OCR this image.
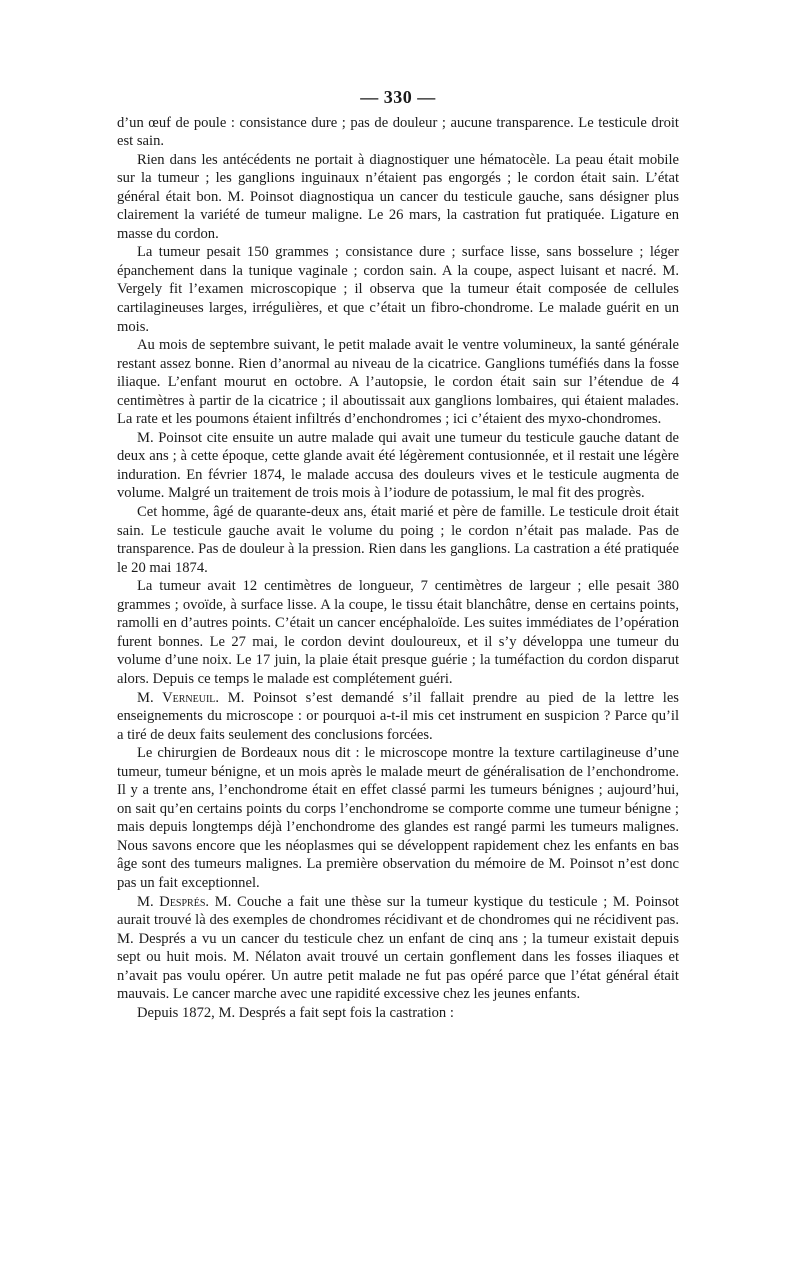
— 330 —

d’un œuf de poule : consistance dure ; pas de douleur ; aucune transparence. Le testicule droit est sain.

Rien dans les antécédents ne portait à diagnostiquer une hématocèle. La peau était mobile sur la tumeur ; les ganglions inguinaux n’étaient pas engorgés ; le cordon était sain. L’état général était bon. M. Poinsot diagnostiqua un cancer du testicule gauche, sans désigner plus clairement la variété de tumeur maligne. Le 26 mars, la castration fut pratiquée. Ligature en masse du cordon.

La tumeur pesait 150 grammes ; consistance dure ; surface lisse, sans bosselure ; léger épanchement dans la tunique vaginale ; cordon sain. A la coupe, aspect luisant et nacré. M. Vergely fit l’examen microscopique ; il observa que la tumeur était composée de cellules cartilagineuses larges, irrégulières, et que c’était un fibro-chondrome. Le malade guérit en un mois.

Au mois de septembre suivant, le petit malade avait le ventre volumineux, la santé générale restant assez bonne. Rien d’anormal au niveau de la cicatrice. Ganglions tuméfiés dans la fosse iliaque. L’enfant mourut en octobre. A l’autopsie, le cordon était sain sur l’étendue de 4 centimètres à partir de la cicatrice ; il aboutissait aux ganglions lombaires, qui étaient malades. La rate et les poumons étaient infiltrés d’enchondromes ; ici c’étaient des myxo-chondromes.

M. Poinsot cite ensuite un autre malade qui avait une tumeur du testicule gauche datant de deux ans ; à cette époque, cette glande avait été légèrement contusionnée, et il restait une légère induration. En février 1874, le malade accusa des douleurs vives et le testicule augmenta de volume. Malgré un traitement de trois mois à l’iodure de potassium, le mal fit des progrès.

Cet homme, âgé de quarante-deux ans, était marié et père de famille. Le testicule droit était sain. Le testicule gauche avait le volume du poing ; le cordon n’était pas malade. Pas de transparence. Pas de douleur à la pression. Rien dans les ganglions. La castration a été pratiquée le 20 mai 1874.

La tumeur avait 12 centimètres de longueur, 7 centimètres de largeur ; elle pesait 380 grammes ; ovoïde, à surface lisse. A la coupe, le tissu était blanchâtre, dense en certains points, ramolli en d’autres points. C’était un cancer encéphaloïde. Les suites immédiates de l’opération furent bonnes. Le 27 mai, le cordon devint douloureux, et il s’y développa une tumeur du volume d’une noix. Le 17 juin, la plaie était presque guérie ; la tuméfaction du cordon disparut alors. Depuis ce temps le malade est complétement guéri.

M. Verneuil. M. Poinsot s’est demandé s’il fallait prendre au pied de la lettre les enseignements du microscope : or pourquoi a-t-il mis cet instrument en suspicion ? Parce qu’il a tiré de deux faits seulement des conclusions forcées.

Le chirurgien de Bordeaux nous dit : le microscope montre la texture cartilagineuse d’une tumeur, tumeur bénigne, et un mois après le malade meurt de généralisation de l’enchondrome. Il y a trente ans, l’enchondrome était en effet classé parmi les tumeurs bénignes ; aujourd’hui, on sait qu’en certains points du corps l’enchondrome se comporte comme une tumeur bénigne ; mais depuis longtemps déjà l’enchondrome des glandes est rangé parmi les tumeurs malignes. Nous savons encore que les néoplasmes qui se développent rapidement chez les enfants en bas âge sont des tumeurs malignes. La première observation du mémoire de M. Poinsot n’est donc pas un fait exceptionnel.

M. Després. M. Couche a fait une thèse sur la tumeur kystique du testicule ; M. Poinsot aurait trouvé là des exemples de chondromes récidivant et de chondromes qui ne récidivent pas. M. Després a vu un cancer du testicule chez un enfant de cinq ans ; la tumeur existait depuis sept ou huit mois. M. Nélaton avait trouvé un certain gonflement dans les fosses iliaques et n’avait pas voulu opérer. Un autre petit malade ne fut pas opéré parce que l’état général était mauvais. Le cancer marche avec une rapidité excessive chez les jeunes enfants.

Depuis 1872, M. Després a fait sept fois la castration :
